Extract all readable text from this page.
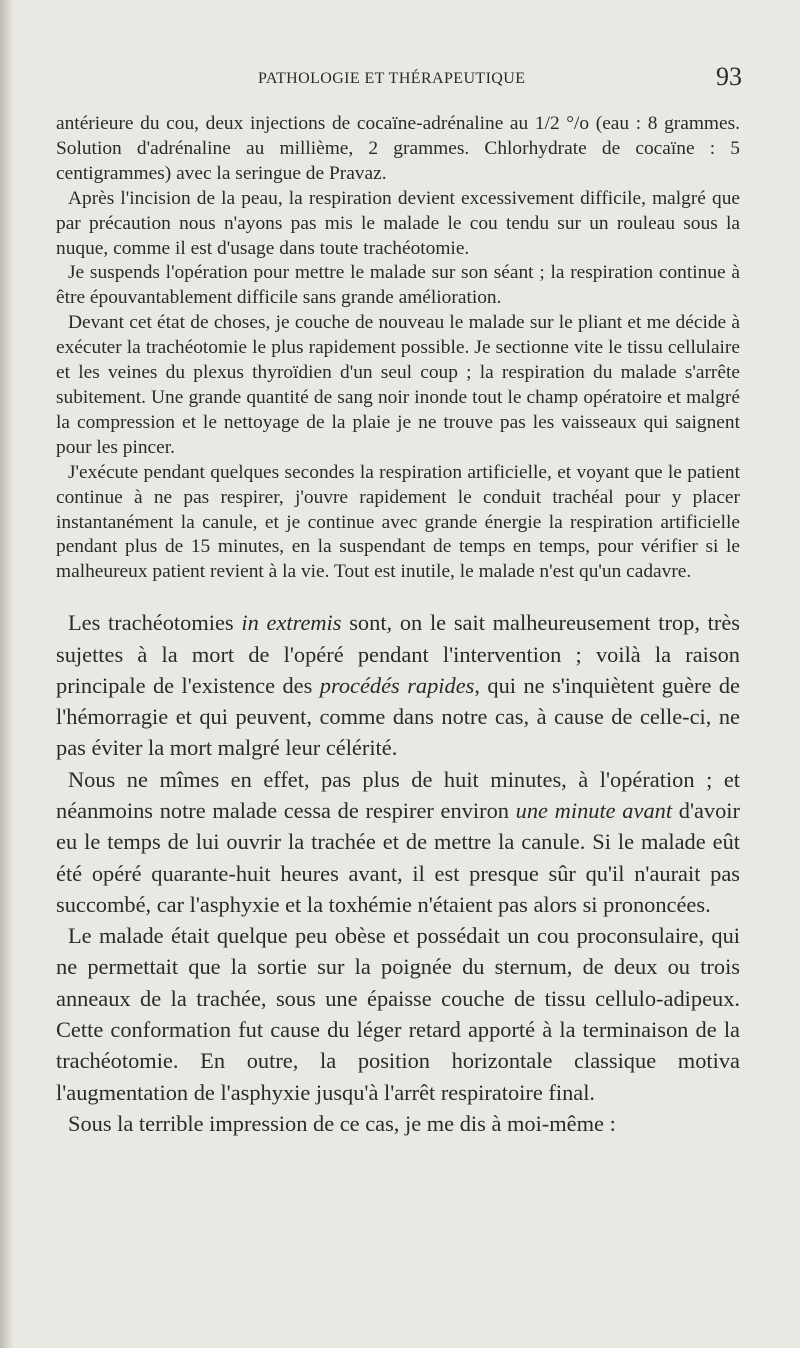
PATHOLOGIE ET THÉRAPEUTIQUE	93

antérieure du cou, deux injections de cocaïne-adrénaline au 1/2 °/o (eau : 8 grammes. Solution d'adrénaline au millième, 2 grammes. Chlorhydrate de cocaïne : 5 centigrammes) avec la seringue de Pravaz.

Après l'incision de la peau, la respiration devient excessivement difficile, malgré que par précaution nous n'ayons pas mis le malade le cou tendu sur un rouleau sous la nuque, comme il est d'usage dans toute trachéotomie.

Je suspends l'opération pour mettre le malade sur son séant ; la respiration continue à être épouvantablement difficile sans grande amélioration.

Devant cet état de choses, je couche de nouveau le malade sur le pliant et me décide à exécuter la trachéotomie le plus rapidement possible. Je sectionne vite le tissu cellulaire et les veines du plexus thyroïdien d'un seul coup ; la respiration du malade s'arrête subitement. Une grande quantité de sang noir inonde tout le champ opératoire et malgré la compression et le nettoyage de la plaie je ne trouve pas les vaisseaux qui saignent pour les pincer.

J'exécute pendant quelques secondes la respiration artificielle, et voyant que le patient continue à ne pas respirer, j'ouvre rapidement le conduit trachéal pour y placer instantanément la canule, et je continue avec grande énergie la respiration artificielle pendant plus de 15 minutes, en la suspendant de temps en temps, pour vérifier si le malheureux patient revient à la vie. Tout est inutile, le malade n'est qu'un cadavre.

Les trachéotomies in extremis sont, on le sait malheureusement trop, très sujettes à la mort de l'opéré pendant l'intervention ; voilà la raison principale de l'existence des procédés rapides, qui ne s'inquiètent guère de l'hémorragie et qui peuvent, comme dans notre cas, à cause de celle-ci, ne pas éviter la mort malgré leur célérité.

Nous ne mîmes en effet, pas plus de huit minutes, à l'opération ; et néanmoins notre malade cessa de respirer environ une minute avant d'avoir eu le temps de lui ouvrir la trachée et de mettre la canule. Si le malade eût été opéré quarante-huit heures avant, il est presque sûr qu'il n'aurait pas succombé, car l'asphyxie et la toxhémie n'étaient pas alors si prononcées.

Le malade était quelque peu obèse et possédait un cou proconsulaire, qui ne permettait que la sortie sur la poignée du sternum, de deux ou trois anneaux de la trachée, sous une épaisse couche de tissu cellulo-adipeux. Cette conformation fut cause du léger retard apporté à la terminaison de la trachéotomie. En outre, la position horizontale classique motiva l'augmentation de l'asphyxie jusqu'à l'arrêt respiratoire final.

Sous la terrible impression de ce cas, je me dis à moi-même :
